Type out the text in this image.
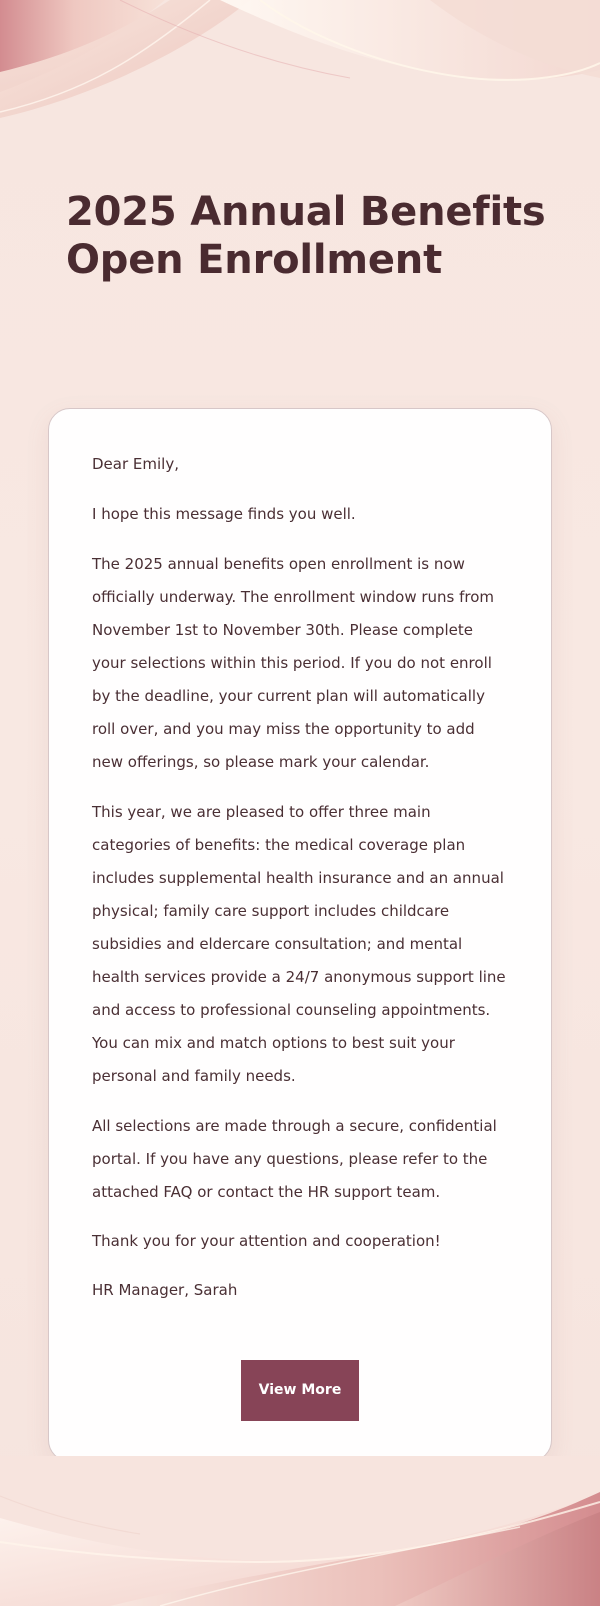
2025 Annual Benefits
Open Enrollment

Dear Emily,

I hope this message finds you well.

The 2025 annual benefits open enrollment is now officially underway. The enrollment window runs from November 1st to November 30th. Please complete your selections within this period. If you do not enroll by the deadline, your current plan will automatically roll over, and you may miss the opportunity to add new offerings, so please mark your calendar.

This year, we are pleased to offer three main categories of benefits: the medical coverage plan includes supplemental health insurance and an annual physical; family care support includes childcare subsidies and eldercare consultation; and mental health services provide a 24/7 anonymous support line and access to professional counseling appointments. You can mix and match options to best suit your personal and family needs.

All selections are made through a secure, confidential portal. If you have any questions, please refer to the attached FAQ or contact the HR support team.

Thank you for your attention and cooperation!

HR Manager, Sarah

View More
